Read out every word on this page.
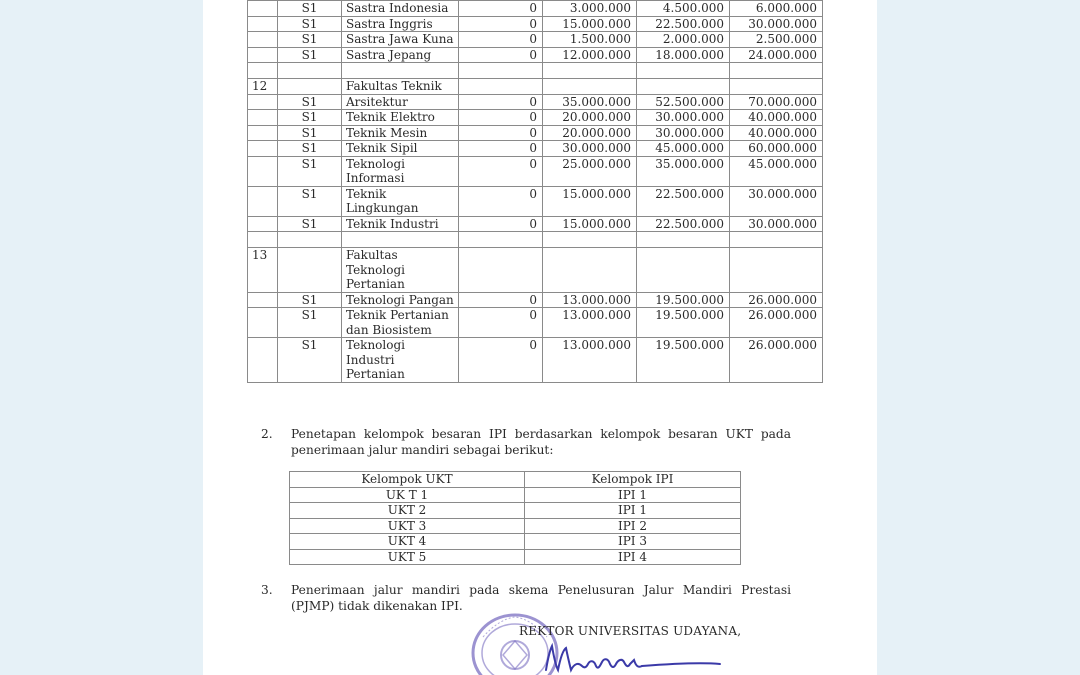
	S1	Sastra Indonesia	0	3.000.000	4.500.000	6.000.000
	S1	Sastra Inggris	0	15.000.000	22.500.000	30.000.000
	S1	Sastra Jawa Kuna	0	1.500.000	2.000.000	2.500.000
	S1	Sastra Jepang	0	12.000.000	18.000.000	24.000.000

12		Fakultas Teknik				
	S1	Arsitektur	0	35.000.000	52.500.000	70.000.000
	S1	Teknik Elektro	0	20.000.000	30.000.000	40.000.000
	S1	Teknik Mesin	0	20.000.000	30.000.000	40.000.000
	S1	Teknik Sipil	0	30.000.000	45.000.000	60.000.000
	S1	Teknologi Informasi	0	25.000.000	35.000.000	45.000.000
	S1	Teknik Lingkungan	0	15.000.000	22.500.000	30.000.000
	S1	Teknik Industri	0	15.000.000	22.500.000	30.000.000

13		Fakultas Teknologi Pertanian				
	S1	Teknologi Pangan	0	13.000.000	19.500.000	26.000.000
	S1	Teknik Pertanian dan Biosistem	0	13.000.000	19.500.000	26.000.000
	S1	Teknologi Industri Pertanian	0	13.000.000	19.500.000	26.000.000
2. Penetapan kelompok besaran IPI berdasarkan kelompok besaran UKT pada penerimaan jalur mandiri sebagai berikut:
Kelompok UKT	Kelompok IPI
UK T 1	IPI 1
UKT 2	IPI 1
UKT 3	IPI 2
UKT 4	IPI 3
UKT 5	IPI 4
3. Penerimaan jalur mandiri pada skema Penelusuran Jalur Mandiri Prestasi (PJMP) tidak dikenakan IPI.
REKTOR UNIVERSITAS UDAYANA,
